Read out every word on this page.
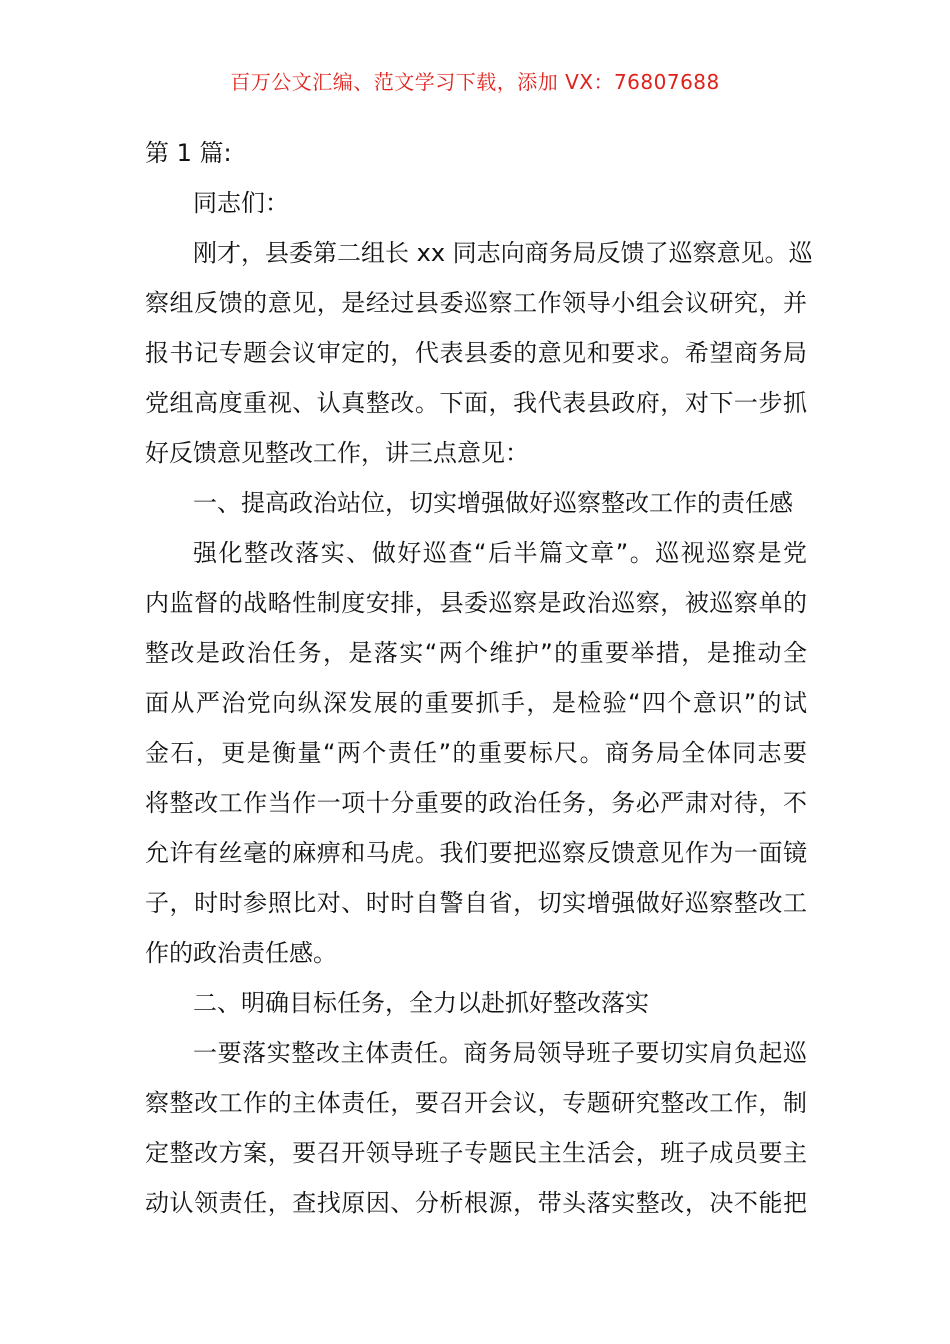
百万公文汇编、范文学习下载，添加 VX：76807688
第 1 篇:
同志们：
刚才，县委第二组长 xx 同志向商务局反馈了巡察意见。巡
察组反馈的意见，是经过县委巡察工作领导小组会议研究，并
报书记专题会议审定的，代表县委的意见和要求。希望商务局
党组高度重视、认真整改。下面，我代表县政府，对下一步抓
好反馈意见整改工作，讲三点意见：
一、提高政治站位，切实增强做好巡察整改工作的责任感
强化整改落实、做好巡查“后半篇文章”。巡视巡察是党
内监督的战略性制度安排，县委巡察是政治巡察，被巡察单的
整改是政治任务，是落实“两个维护”的重要举措，是推动全
面从严治党向纵深发展的重要抓手，是检验“四个意识”的试
金石，更是衡量“两个责任”的重要标尺。商务局全体同志要
将整改工作当作一项十分重要的政治任务，务必严肃对待，不
允许有丝毫的麻痹和马虎。我们要把巡察反馈意见作为一面镜
子，时时参照比对、时时自警自省，切实增强做好巡察整改工
作的政治责任感。
二、明确目标任务，全力以赴抓好整改落实
一要落实整改主体责任。商务局领导班子要切实肩负起巡
察整改工作的主体责任，要召开会议，专题研究整改工作，制
定整改方案，要召开领导班子专题民主生活会，班子成员要主
动认领责任，查找原因、分析根源，带头落实整改，决不能把
